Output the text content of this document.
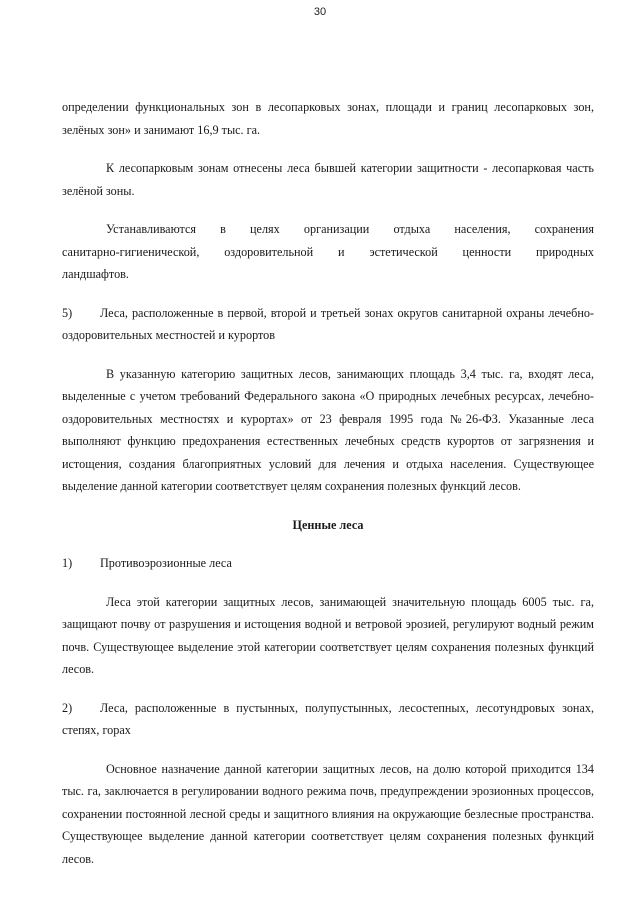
30

определении функциональных зон в лесопарковых зонах, площади и границ лесопарковых зон, зелёных зон» и занимают 16,9 тыс. га.

К лесопарковым зонам отнесены леса бывшей категории защитности - лесопарковая часть зелёной зоны.

Устанавливаются в целях организации отдыха населения, сохранения
санитарно-гигиенической, оздоровительной и эстетической ценности природных
ландшафтов.

5) Леса, расположенные в первой, второй и третьей зонах округов санитарной охраны лечебно-оздоровительных местностей и курортов

В указанную категорию защитных лесов, занимающих площадь 3,4 тыс. га, входят леса, выделенные с учетом требований Федерального закона «О природных лечебных ресурсах, лечебно-оздоровительных местностях и курортах» от 23 февраля 1995 года №26-ФЗ. Указанные леса выполняют функцию предохранения естественных лечебных средств курортов от загрязнения и истощения, создания благоприятных условий для лечения и отдыха населения. Существующее выделение данной категории соответствует целям сохранения полезных функций лесов.

Ценные леса

1) Противоэрозионные леса

Леса этой категории защитных лесов, занимающей значительную площадь 6005 тыс. га, защищают почву от разрушения и истощения водной и ветровой эрозией, регулируют водный режим почв. Существующее выделение этой категории соответствует целям сохранения полезных функций лесов.

2) Леса, расположенные в пустынных, полупустынных, лесостепных, лесотундровых зонах, степях, горах

Основное назначение данной категории защитных лесов, на долю которой приходится 134 тыс. га, заключается в регулировании водного режима почв, предупреждении эрозионных процессов, сохранении постоянной лесной среды и защитного влияния на окружающие безлесные пространства. Существующее выделение данной категории соответствует целям сохранения полезных функций лесов.
